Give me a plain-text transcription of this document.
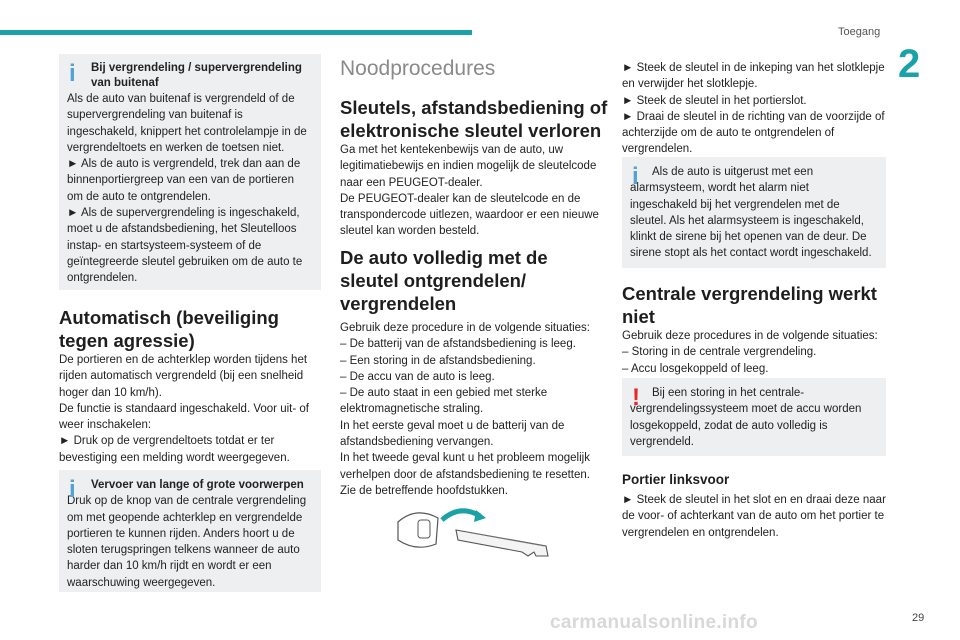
Toegang
2
i	Bij vergrendeling / supervergrendeling van buitenaf
Als de auto van buitenaf is vergrendeld of de supervergrendeling van buitenaf is ingeschakeld, knippert het controlelampje in de vergrendeltoets en werken de toetsen niet.
► Als de auto is vergrendeld, trek dan aan de binnenportiergreep van een van de portieren om de auto te ontgrendelen.
► Als de supervergrendeling is ingeschakeld, moet u de afstandsbediening, het Sleutelloos instap- en startsysteem-systeem of de geïntegreerde sleutel gebruiken om de auto te ontgrendelen.
Automatisch (beveiliging tegen agressie)
De portieren en de achterklep worden tijdens het rijden automatisch vergrendeld (bij een snelheid hoger dan 10 km/h).
De functie is standaard ingeschakeld. Voor uit- of weer inschakelen:
► Druk op de vergrendeltoets totdat er ter bevestiging een melding wordt weergegeven.
i	Vervoer van lange of grote voorwerpen
Druk op de knop van de centrale vergrendeling om met geopende achterklep en vergrendelde portieren te kunnen rijden. Anders hoort u de sloten terugspringen telkens wanneer de auto harder dan 10 km/h rijdt en wordt er een waarschuwing weergegeven.
Noodprocedures
Sleutels, afstandsbediening of elektronische sleutel verloren
Ga met het kentekenbewijs van de auto, uw legitimatiebewijs en indien mogelijk de sleutelcode naar een PEUGEOT-dealer.
De PEUGEOT-dealer kan de sleutelcode en de transpondercode uitlezen, waardoor er een nieuwe sleutel kan worden besteld.
De auto volledig met de sleutel ontgrendelen/ vergrendelen
Gebruik deze procedure in de volgende situaties:
– De batterij van de afstandsbediening is leeg.
– Een storing in de afstandsbediening.
– De accu van de auto is leeg.
– De auto staat in een gebied met sterke elektromagnetische straling.
In het eerste geval moet u de batterij van de afstandsbediening vervangen.
In het tweede geval kunt u het probleem mogelijk verhelpen door de afstandsbediening te resetten.
Zie de betreffende hoofdstukken.
► Steek de sleutel in de inkeping van het slotklepje en verwijder het slotklepje.
► Steek de sleutel in het portierslot.
► Draai de sleutel in de richting van de voorzijde of achterzijde om de auto te ontgrendelen of vergrendelen.
i	Als de auto is uitgerust met een alarmsysteem, wordt het alarm niet ingeschakeld bij het vergrendelen met de sleutel. Als het alarmsysteem is ingeschakeld, klinkt de sirene bij het openen van de deur. De sirene stopt als het contact wordt ingeschakeld.
Centrale vergrendeling werkt niet
Gebruik deze procedures in de volgende situaties:
– Storing in de centrale vergrendeling.
– Accu losgekoppeld of leeg.
!	Bij een storing in het centrale-vergrendelingssysteem moet de accu worden losgekoppeld, zodat de auto volledig is vergrendeld.
Portier linksvoor
► Steek de sleutel in het slot en en draai deze naar de voor- of achterkant van de auto om het portier te vergrendelen en ontgrendelen.
carmanualsonline.info	29
